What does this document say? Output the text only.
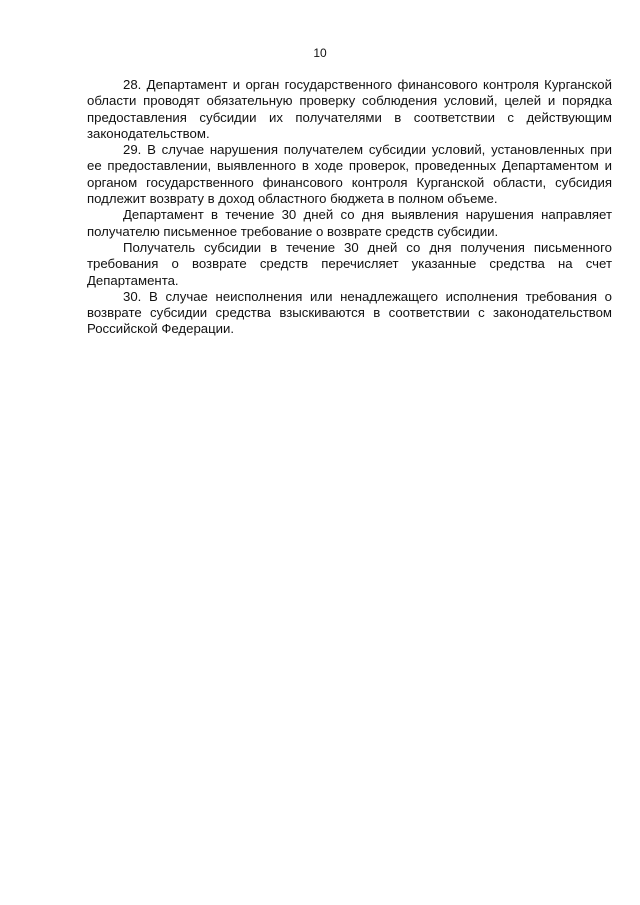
10

28. Департамент и орган государственного финансового контроля Курганской области проводят обязательную проверку соблюдения условий, целей и порядка предоставления субсидии их получателями в соответствии с действующим законодательством.

29. В случае нарушения получателем субсидии условий, установленных при ее предоставлении, выявленного в ходе проверок, проведенных Департаментом и органом государственного финансового контроля Курганской области, субсидия подлежит возврату в доход областного бюджета в полном объеме.

Департамент в течение 30 дней со дня выявления нарушения направляет получателю письменное требование о возврате средств субсидии.

Получатель субсидии в течение 30 дней со дня получения письменного требования о возврате средств перечисляет указанные средства на счет Департамента.

30. В случае неисполнения или ненадлежащего исполнения требования о возврате субсидии средства взыскиваются в соответствии с законодательством Российской Федерации.
